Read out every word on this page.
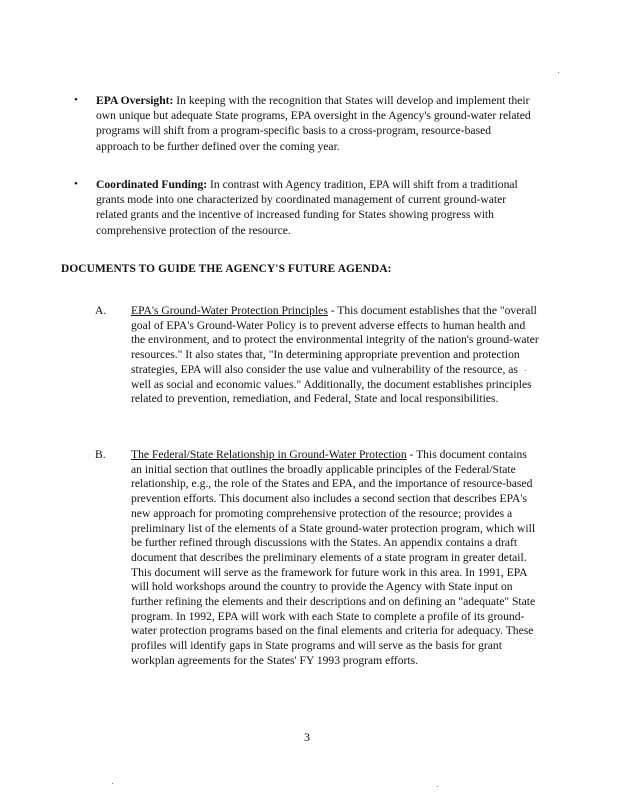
•	EPA Oversight: In keeping with the recognition that States will develop and implement their own unique but adequate State programs, EPA oversight in the Agency's ground-water related programs will shift from a program-specific basis to a cross-program, resource-based approach to be further defined over the coming year.
•	Coordinated Funding: In contrast with Agency tradition, EPA will shift from a traditional grants mode into one characterized by coordinated management of current ground-water related grants and the incentive of increased funding for States showing progress with comprehensive protection of the resource.
DOCUMENTS TO GUIDE THE AGENCY'S FUTURE AGENDA:
A.	EPA's Ground-Water Protection Principles - This document establishes that the "overall goal of EPA's Ground-Water Policy is to prevent adverse effects to human health and the environment, and to protect the environmental integrity of the nation's ground-water resources." It also states that, "In determining appropriate prevention and protection strategies, EPA will also consider the use value and vulnerability of the resource, as well as social and economic values." Additionally, the document establishes principles related to prevention, remediation, and Federal, State and local responsibilities.
B.	The Federal/State Relationship in Ground-Water Protection - This document contains an initial section that outlines the broadly applicable principles of the Federal/State relationship, e.g., the role of the States and EPA, and the importance of resource-based prevention efforts. This document also includes a second section that describes EPA's new approach for promoting comprehensive protection of the resource; provides a preliminary list of the elements of a State ground-water protection program, which will be further refined through discussions with the States. An appendix contains a draft document that describes the preliminary elements of a state program in greater detail. This document will serve as the framework for future work in this area. In 1991, EPA will hold workshops around the country to provide the Agency with State input on further refining the elements and their descriptions and on defining an "adequate" State program. In 1992, EPA will work with each State to complete a profile of its ground-water protection programs based on the final elements and criteria for adequacy. These profiles will identify gaps in State programs and will serve as the basis for grant workplan agreements for the States' FY 1993 program efforts.
3
